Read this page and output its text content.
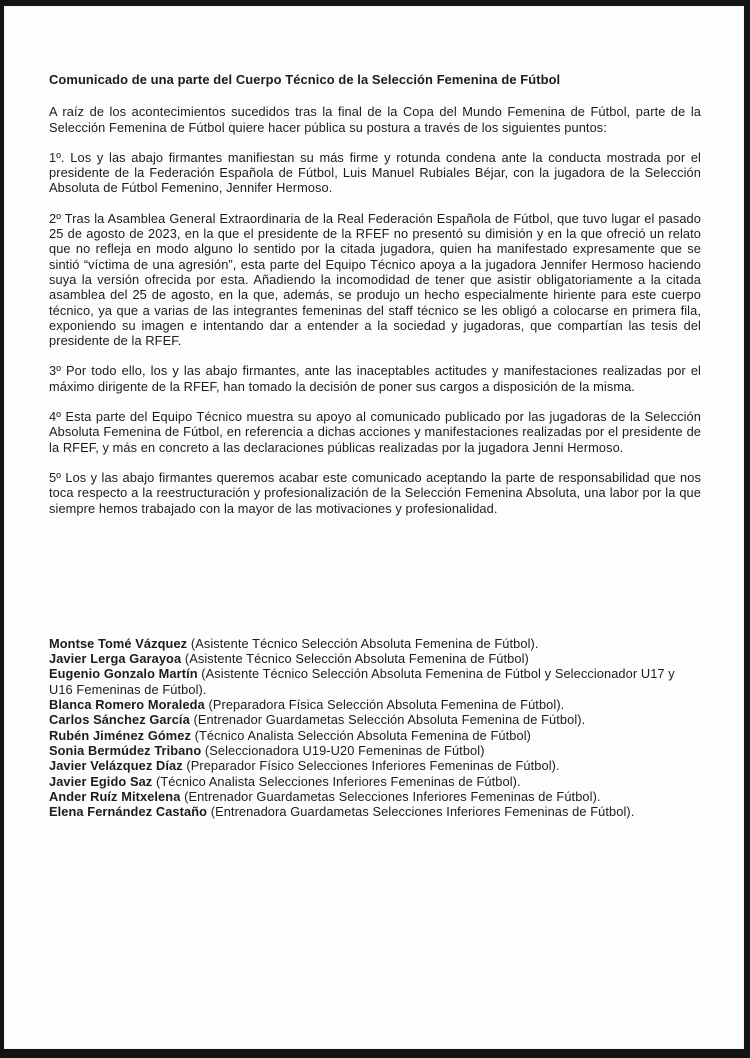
Comunicado de una parte del Cuerpo Técnico de la Selección Femenina de Fútbol

A raíz de los acontecimientos sucedidos tras la final de la Copa del Mundo Femenina de Fútbol, parte de la Selección Femenina de Fútbol quiere hacer pública su postura a través de los siguientes puntos:

1º. Los y las abajo firmantes manifiestan su más firme y rotunda condena ante la conducta mostrada por el presidente de la Federación Española de Fútbol, Luis Manuel Rubiales Béjar, con la jugadora de la Selección Absoluta de Fútbol Femenino, Jennifer Hermoso.

2º Tras la Asamblea General Extraordinaria de la Real Federación Española de Fútbol, que tuvo lugar el pasado 25 de agosto de 2023, en la que el presidente de la RFEF no presentó su dimisión y en la que ofreció un relato que no refleja en modo alguno lo sentido por la citada jugadora, quien ha manifestado expresamente que se sintió “víctima de una agresión”, esta parte del Equipo Técnico apoya a la jugadora Jennifer Hermoso haciendo suya la versión ofrecida por esta. Añadiendo la incomodidad de tener que asistir obligatoriamente a la citada asamblea del 25 de agosto, en la que, además, se produjo un hecho especialmente hiriente para este cuerpo técnico, ya que a varias de las integrantes femeninas del staff técnico se les obligó a colocarse en primera fila, exponiendo su imagen e intentando dar a entender a la sociedad y jugadoras, que compartían las tesis del presidente de la RFEF.

3º Por todo ello, los y las abajo firmantes, ante las inaceptables actitudes y manifestaciones realizadas por el máximo dirigente de la RFEF, han tomado la decisión de poner sus cargos a disposición de la misma.

4º Esta parte del Equipo Técnico muestra su apoyo al comunicado publicado por las jugadoras de la Selección Absoluta Femenina de Fútbol, en referencia a dichas acciones y manifestaciones realizadas por el presidente de la RFEF, y más en concreto a las declaraciones públicas realizadas por la jugadora Jenni Hermoso.

5º Los y las abajo firmantes queremos acabar este comunicado aceptando la parte de responsabilidad que nos toca respecto a la reestructuración y profesionalización de la Selección Femenina Absoluta, una labor por la que siempre hemos trabajado con la mayor de las motivaciones y profesionalidad.

Montse Tomé Vázquez (Asistente Técnico Selección Absoluta Femenina de Fútbol).

Javier Lerga Garayoa (Asistente Técnico Selección Absoluta Femenina de Fútbol)

Eugenio Gonzalo Martín (Asistente Técnico Selección Absoluta Femenina de Fútbol y Seleccionador U17 y U16 Femeninas de Fútbol).

Blanca Romero Moraleda (Preparadora Física Selección Absoluta Femenina de Fútbol).

Carlos Sánchez García (Entrenador Guardametas Selección Absoluta Femenina de Fútbol).

Rubén Jiménez Gómez (Técnico Analista Selección Absoluta Femenina de Fútbol)

Sonia Bermúdez Tribano (Seleccionadora U19-U20 Femeninas de Fútbol)

Javier Velázquez Díaz (Preparador Físico Selecciones Inferiores Femeninas de Fútbol).

Javier Egido Saz (Técnico Analista Selecciones Inferiores Femeninas de Fútbol).

Ander Ruíz Mitxelena (Entrenador Guardametas Selecciones Inferiores Femeninas de Fútbol).

Elena Fernández Castaño (Entrenadora Guardametas Selecciones Inferiores Femeninas de Fútbol).
